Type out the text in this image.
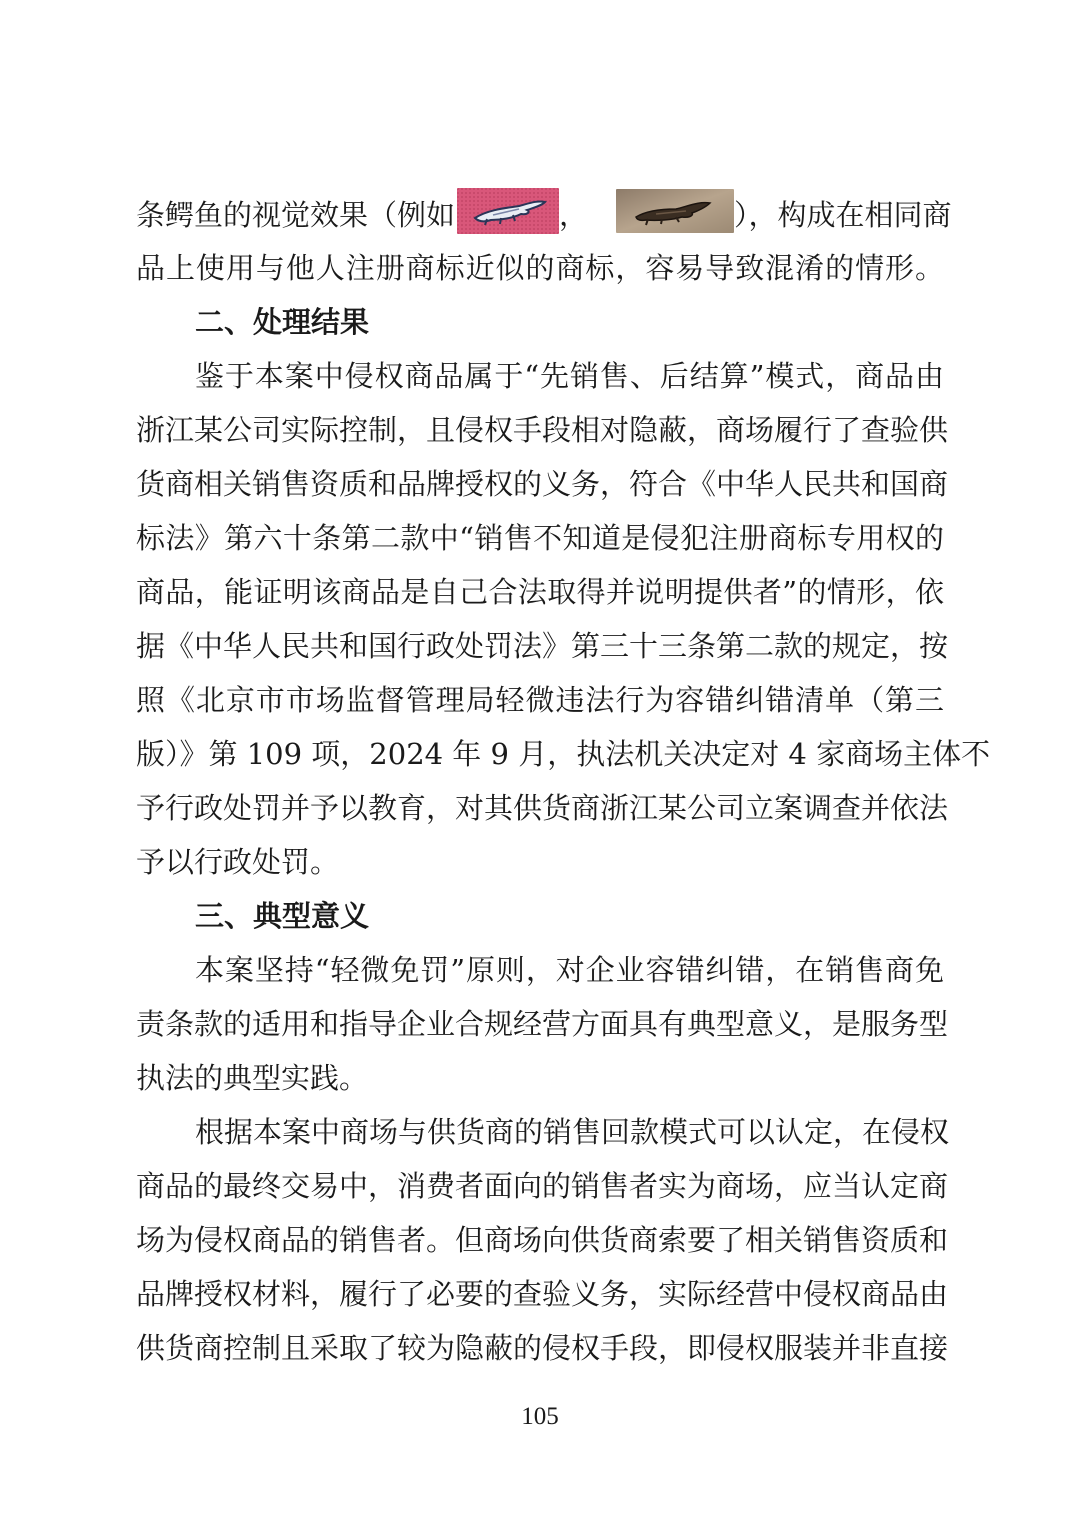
条鳄鱼的视觉效果（例如	，	），构成在相同商
品上使用与他人注册商标近似的商标，容易导致混淆的情形。
二、处理结果
鉴于本案中侵权商品属于“先销售、后结算”模式，商品由
浙江某公司实际控制，且侵权手段相对隐蔽，商场履行了查验供
货商相关销售资质和品牌授权的义务，符合《中华人民共和国商
标法》第六十条第二款中“销售不知道是侵犯注册商标专用权的
商品，能证明该商品是自己合法取得并说明提供者”的情形，依
据《中华人民共和国行政处罚法》第三十三条第二款的规定，按
照《北京市市场监督管理局轻微违法行为容错纠错清单（第三
版）》第 109 项，2024 年 9 月，执法机关决定对 4 家商场主体不
予行政处罚并予以教育，对其供货商浙江某公司立案调查并依法
予以行政处罚。
三、典型意义
本案坚持“轻微免罚”原则，对企业容错纠错，在销售商免
责条款的适用和指导企业合规经营方面具有典型意义，是服务型
执法的典型实践。
根据本案中商场与供货商的销售回款模式可以认定，在侵权
商品的最终交易中，消费者面向的销售者实为商场，应当认定商
场为侵权商品的销售者。但商场向供货商索要了相关销售资质和
品牌授权材料，履行了必要的查验义务，实际经营中侵权商品由
供货商控制且采取了较为隐蔽的侵权手段，即侵权服装并非直接
105
